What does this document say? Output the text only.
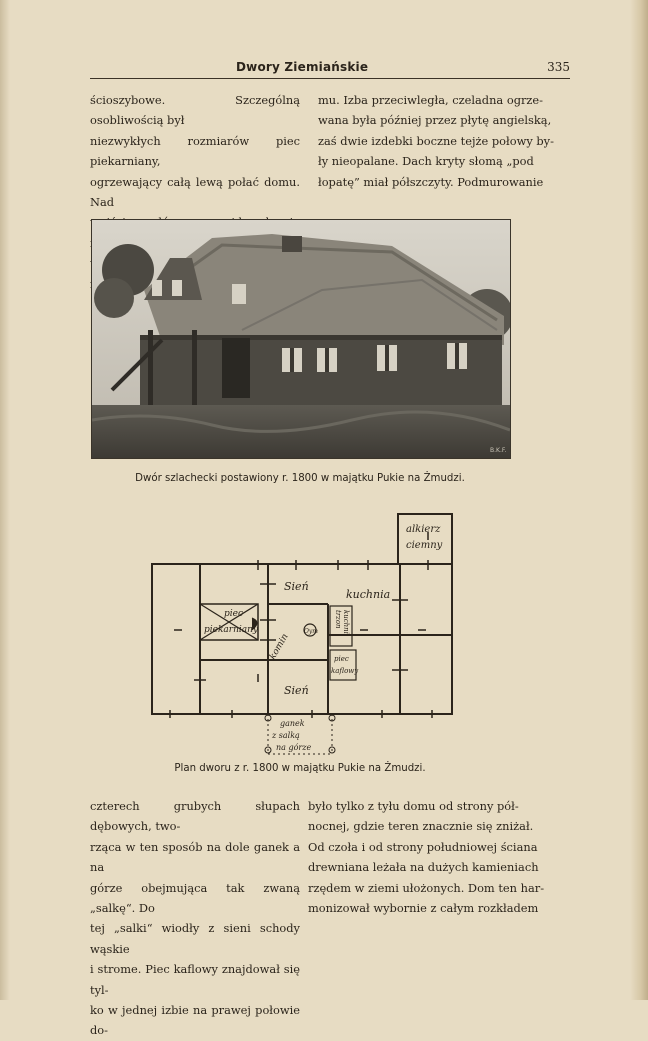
Dwory Ziemiańskie	335

ścioszybowe. Szczególną osobliwością był

niezwykłych rozmiarów piec piekarniany,

ogrzewający całą lewą połać domu. Nad

mu. Izba przeciwległa, czeladna ogrze-

wana była później przez płytę angielską,

zaś dwie izdebki boczne tejże połowy by-

ły nieopalane. Dach kryty słomą „pod

łopatę” miał półszczyty. Podmurowanie

B.K.F.
Dwór szlachecki postawiony r. 1800 w majątku Pukie na Żmudzi.
alkierz
ciemny
Sień
kuchnia
piec
piekarniany
komin
Oym
trzon kuchni
piec
kaflowy
Sień
ganek
z salką
na górze
Plan dworu z r. 1800 w majątku Pukie na Żmudzi.

czterech grubych słupach dębowych, two-

rząca w ten sposób na dole ganek a na

górze obejmująca tak zwaną „salkę“. Do

tej „salki“ wiodły z sieni schody wąskie

i strome. Piec kaflowy znajdował się tyl-

ko w jednej izbie na prawej połowie do-

było tylko z tyłu domu od strony pół-

nocnej, gdzie teren znacznie się zniżał.

Od czoła i od strony południowej ściana

drewniana leżała na dużych kamieniach

rzędem w ziemi ułożonych. Dom ten har-

monizował wybornie z całym rozkładem
